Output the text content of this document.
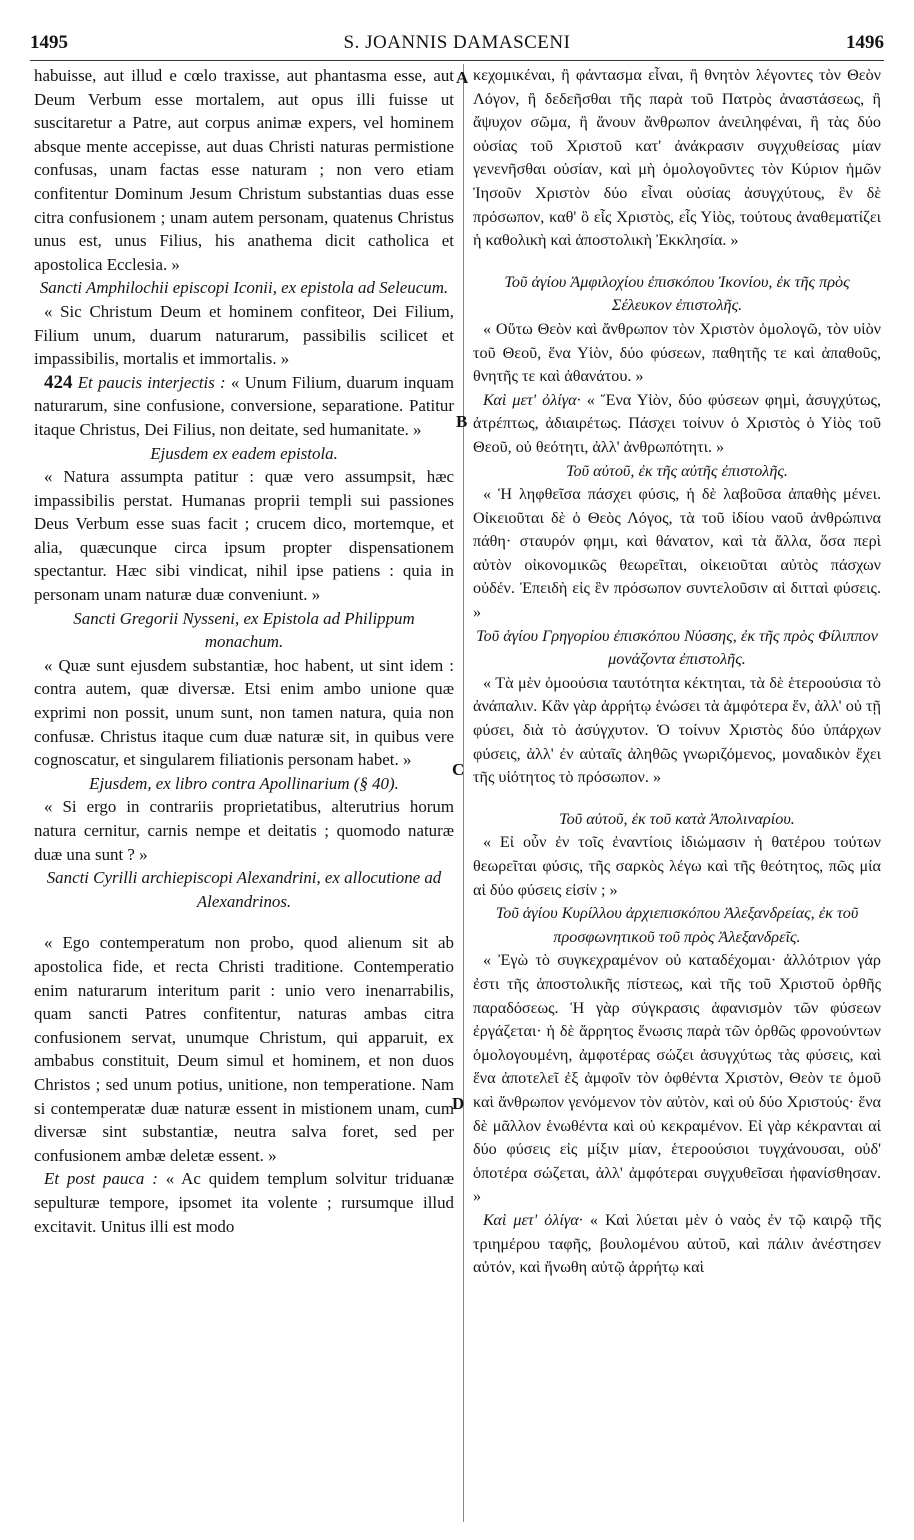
1495	S. JOANNIS DAMASCENI	1496
A
B
C
D

habuisse, aut illud e cœlo traxisse, aut phantasma esse, aut Deum Verbum esse mortalem, aut opus illi fuisse ut suscitaretur a Patre, aut corpus animæ expers, vel hominem absque mente accepisse, aut duas Christi naturas permistione confusas, unam factas esse naturam ; non vero etiam confitentur Dominum Jesum Christum substantias duas esse citra confusionem ; unam autem personam, quatenus Christus unus est, unus Filius, his anathema dicit catholica et apostolica Ecclesia. »

Sancti Amphilochii episcopi Iconii, ex epistola ad Seleucum.

« Sic Christum Deum et hominem confiteor, Dei Filium, Filium unum, duarum naturarum, passibilis scilicet et impassibilis, mortalis et immortalis. »

424 Et paucis interjectis : « Unum Filium, duarum inquam naturarum, sine confusione, conversione, separatione. Patitur itaque Christus, Dei Filius, non deitate, sed humanitate. »

Ejusdem ex eadem epistola.

« Natura assumpta patitur : quæ vero assumpsit, hæc impassibilis perstat. Humanas proprii templi sui passiones Deus Verbum esse suas facit ; crucem dico, mortemque, et alia, quæcunque circa ipsum propter dispensationem spectantur. Hæc sibi vindicat, nihil ipse patiens : quia in personam unam naturæ duæ conveniunt. »

Sancti Gregorii Nysseni, ex Epistola ad Philippum monachum.

« Quæ sunt ejusdem substantiæ, hoc habent, ut sint idem : contra autem, quæ diversæ. Etsi enim ambo unione quæ exprimi non possit, unum sunt, non tamen natura, quia non confusæ. Christus itaque cum duæ naturæ sit, in quibus vere cognoscatur, et singularem filiationis personam habet. »

Ejusdem, ex libro contra Apollinarium (§ 40).

« Si ergo in contrariis proprietatibus, alterutrius horum natura cernitur, carnis nempe et deitatis ; quomodo naturæ duæ una sunt ? »

Sancti Cyrilli archiepiscopi Alexandrini, ex allocutione ad Alexandrinos.

« Ego contemperatum non probo, quod alienum sit ab apostolica fide, et recta Christi traditione. Contemperatio enim naturarum interitum parit : unio vero inenarrabilis, quam sancti Patres confitentur, naturas ambas citra confusionem servat, unumque Christum, qui apparuit, ex ambabus constituit, Deum simul et hominem, et non duos Christos ; sed unum potius, unitione, non temperatione. Nam si contemperatæ duæ naturæ essent in mistionem unam, cum diversæ sint substantiæ, neutra salva foret, sed per confusionem ambæ deletæ essent. »

Et post pauca : « Ac quidem templum solvitur triduanæ sepulturæ tempore, ipsomet ita volente ; rursumque illud excitavit. Unitus illi est modo

κεχομικέναι, ἢ φάντασμα εἶναι, ἢ θνητὸν λέγοντες τὸν Θεὸν Λόγον, ἢ δεδεῆσθαι τῆς παρὰ τοῦ Πατρὸς ἀναστάσεως, ἢ ἄψυχον σῶμα, ἢ ἄνουν ἄνθρωπον ἀνειληφέναι, ἢ τὰς δύο οὐσίας τοῦ Χριστοῦ κατ' ἀνάκρασιν συγχυθείσας μίαν γενενῆσθαι οὐσίαν, καὶ μὴ ὁμολογοῦντες τὸν Κύριον ἡμῶν Ἰησοῦν Χριστὸν δύο εἶναι οὐσίας ἀσυγχύτους, ἓν δὲ πρόσωπον, καθ' ὃ εἷς Χριστὸς, εἷς Υἱὸς, τούτους ἀναθεματίζει ἡ καθολικὴ καὶ ἀποστολικὴ Ἐκκλησία. »

Τοῦ ἁγίου Ἀμφιλοχίου ἐπισκόπου Ἰκονίου, ἐκ τῆς πρὸς Σέλευκον ἐπιστολῆς.

« Οὕτω Θεὸν καὶ ἄνθρωπον τὸν Χριστὸν ὁμολογῶ, τὸν υἱὸν τοῦ Θεοῦ, ἕνα Υἱὸν, δύο φύσεων, παθητῆς τε καὶ ἀπαθοῦς, θνητῆς τε καὶ ἀθανάτου. »

Καὶ μετ' ὀλίγα· « Ἕνα Υἱὸν, δύο φύσεων φημὶ, ἀσυγχύτως, ἀτρέπτως, ἀδιαιρέτως. Πάσχει τοίνυν ὁ Χριστὸς ὁ Υἱὸς τοῦ Θεοῦ, οὐ θεότητι, ἀλλ' ἀνθρωπότητι. »

Τοῦ αὐτοῦ, ἐκ τῆς αὐτῆς ἐπιστολῆς.

« Ἡ ληφθεῖσα πάσχει φύσις, ἡ δὲ λαβοῦσα ἀπαθὴς μένει. Οἰκειοῦται δὲ ὁ Θεὸς Λόγος, τὰ τοῦ ἰδίου ναοῦ ἀνθρώπινα πάθη· σταυρόν φημι, καὶ θάνατον, καὶ τὰ ἄλλα, ὅσα περὶ αὐτὸν οἰκονομικῶς θεωρεῖται, οἰκειοῦται αὐτὸς πάσχων οὐδέν. Ἐπειδὴ εἰς ἓν πρόσωπον συντελοῦσιν αἱ διτταὶ φύσεις. »

Τοῦ ἁγίου Γρηγορίου ἐπισκόπου Νύσσης, ἐκ τῆς πρὸς Φίλιππον μονάζοντα ἐπιστολῆς.

« Τὰ μὲν ὁμοούσια ταυτότητα κέκτηται, τὰ δὲ ἑτεροούσια τὸ ἀνάπαλιν. Κἂν γὰρ ἀρρήτῳ ἑνώσει τὰ ἀμφότερα ἕν, ἀλλ' οὐ τῇ φύσει, διὰ τὸ ἀσύγχυτον. Ὁ τοίνυν Χριστὸς δύο ὑπάρχων φύσεις, ἀλλ' ἐν αὐταῖς ἀληθῶς γνωριζόμενος, μοναδικὸν ἔχει τῆς υἱότητος τὸ πρόσωπον. »

Τοῦ αὐτοῦ, ἐκ τοῦ κατὰ Ἀπολιναρίου.

« Εἰ οὖν ἐν τοῖς ἐναντίοις ἰδιώμασιν ἡ θατέρου τούτων θεωρεῖται φύσις, τῆς σαρκὸς λέγω καὶ τῆς θεότητος, πῶς μία αἱ δύο φύσεις εἰσίν ; »

Τοῦ ἁγίου Κυρίλλου ἀρχιεπισκόπου Ἀλεξανδρείας, ἐκ τοῦ προσφωνητικοῦ τοῦ πρὸς Ἀλεξανδρεῖς.

« Ἐγὼ τὸ συγκεχραμένον οὐ καταδέχομαι· ἀλλότριον γάρ ἐστι τῆς ἀποστολικῆς πίστεως, καὶ τῆς τοῦ Χριστοῦ ὀρθῆς παραδόσεως. Ἡ γὰρ σύγκρασις ἀφανισμὸν τῶν φύσεων ἐργάζεται· ἡ δὲ ἄρρητος ἕνωσις παρὰ τῶν ὀρθῶς φρονούντων ὁμολογουμένη, ἀμφοτέρας σώζει ἀσυγχύτως τὰς φύσεις, καὶ ἕνα ἀποτελεῖ ἐξ ἀμφοῖν τὸν ὀφθέντα Χριστὸν, Θεὸν τε ὁμοῦ καὶ ἄνθρωπον γενόμενον τὸν αὐτὸν, καὶ οὐ δύο Χριστούς· ἕνα δὲ μᾶλλον ἑνωθέντα καὶ οὐ κεκραμένον. Εἰ γὰρ κέκρανται αἱ δύο φύσεις εἰς μίξιν μίαν, ἑτεροούσιοι τυγχάνουσαι, οὐδ' ὁποτέρα σώζεται, ἀλλ' ἀμφότεραι συγχυθεῖσαι ἠφανίσθησαν. »

Καὶ μετ' ὀλίγα· « Καὶ λύεται μὲν ὁ ναὸς ἐν τῷ καιρῷ τῆς τριημέρου ταφῆς, βουλομένου αὐτοῦ, καὶ πάλιν ἀνέστησεν αὐτόν, καὶ ἥνωθη αὐτῷ ἀρρήτῳ καὶ
